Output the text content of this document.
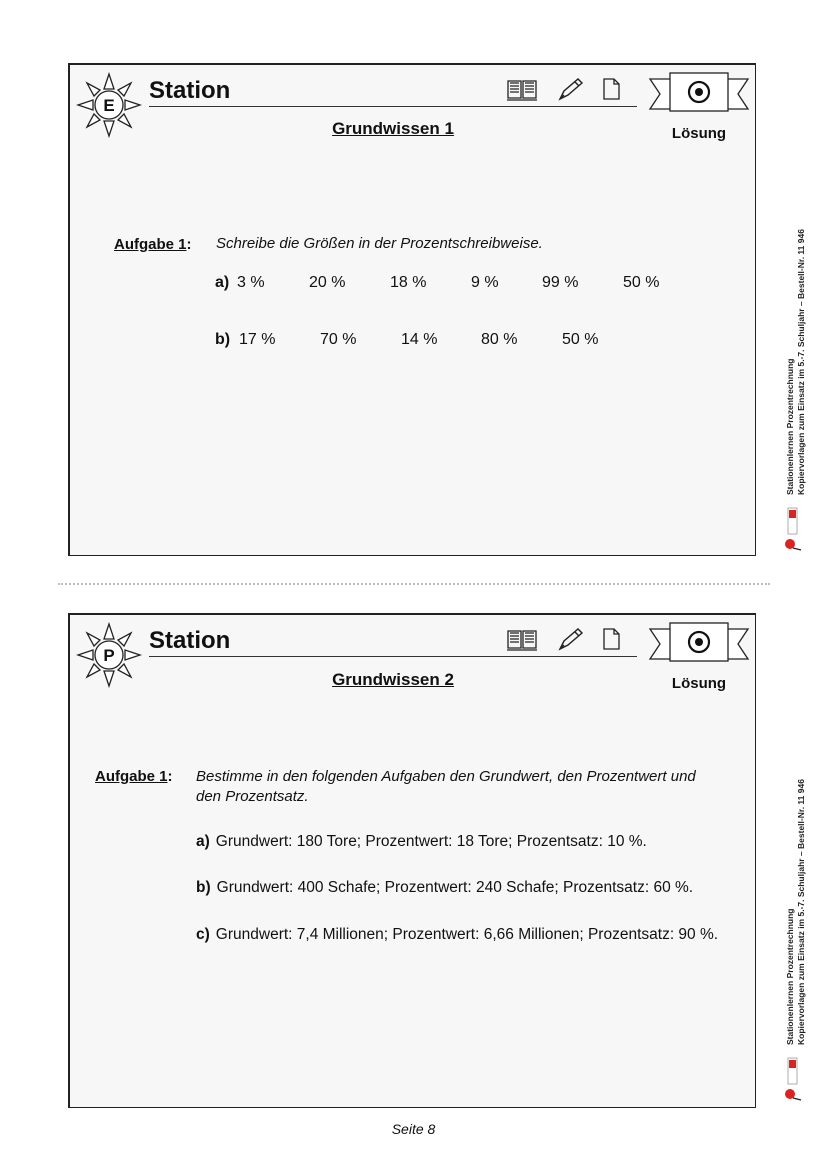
E
Station
Lösung
Grundwissen 1
Aufgabe 1: Schreibe die Größen in der Prozentschreibweise.
a) 3 %	20 %	18 %	9 %	99 %	50 %
b) 17 %	70 %	14 %	80 %	50 %
P
Station
Lösung
Grundwissen 2
Aufgabe 1: Bestimme in den folgenden Aufgaben den Grundwert, den Prozentwert und
den Prozentsatz.
a) Grundwert: 180 Tore; Prozentwert: 18 Tore; Prozentsatz: 10 %.
b) Grundwert: 400 Schafe; Prozentwert: 240 Schafe; Prozentsatz: 60 %.
c) Grundwert: 7,4 Millionen; Prozentwert: 6,66 Millionen; Prozentsatz: 90 %.
Stationenlernen Prozentrechnung Kopiervorlagen zum Einsatz im 5.-7. Schuljahr – Bestell-Nr. 11 946
Stationenlernen Prozentrechnung Kopiervorlagen zum Einsatz im 5.-7. Schuljahr – Bestell-Nr. 11 946
Seite 8
